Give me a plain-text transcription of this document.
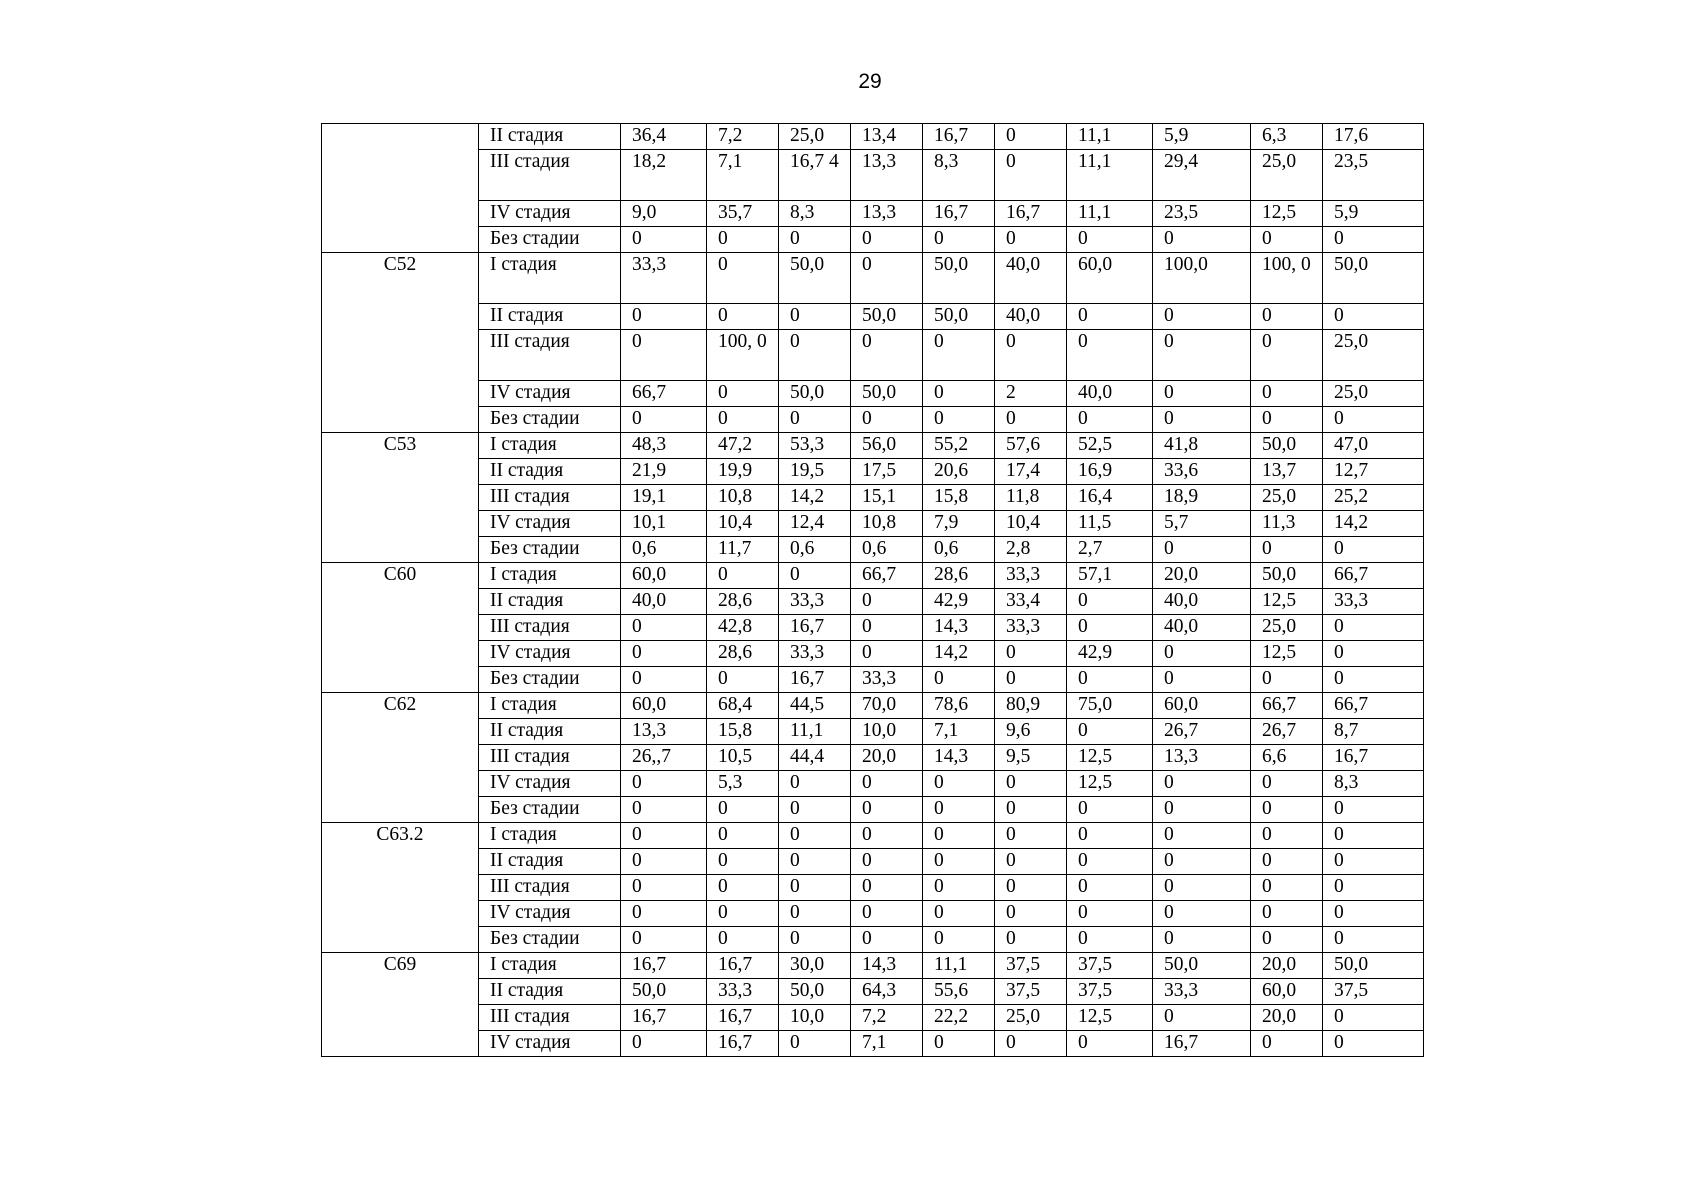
29
	II стадия	36,4	7,2	25,0	13,4	16,7	0	11,1	5,9	6,3	17,6
	III стадия	18,2	7,1	16,7 4	13,3	8,3	0	11,1	29,4	25,0	23,5
	IV стадия	9,0	35,7	8,3	13,3	16,7	16,7	11,1	23,5	12,5	5,9
	Без стадии	0	0	0	0	0	0	0	0	0	0
С52	I стадия	33,3	0	50,0	0	50,0	40,0	60,0	100,0	100, 0	50,0
	II стадия	0	0	0	50,0	50,0	40,0	0	0	0	0
	III стадия	0	100, 0	0	0	0	0	0	0	0	25,0
	IV стадия	66,7	0	50,0	50,0	0	2	40,0	0	0	25,0
	Без стадии	0	0	0	0	0	0	0	0	0	0
С53	I стадия	48,3	47,2	53,3	56,0	55,2	57,6	52,5	41,8	50,0	47,0
	II стадия	21,9	19,9	19,5	17,5	20,6	17,4	16,9	33,6	13,7	12,7
	III стадия	19,1	10,8	14,2	15,1	15,8	11,8	16,4	18,9	25,0	25,2
	IV стадия	10,1	10,4	12,4	10,8	7,9	10,4	11,5	5,7	11,3	14,2
	Без стадии	0,6	11,7	0,6	0,6	0,6	2,8	2,7	0	0	0
С60	I стадия	60,0	0	0	66,7	28,6	33,3	57,1	20,0	50,0	66,7
	II стадия	40,0	28,6	33,3	0	42,9	33,4	0	40,0	12,5	33,3
	III стадия	0	42,8	16,7	0	14,3	33,3	0	40,0	25,0	0
	IV стадия	0	28,6	33,3	0	14,2	0	42,9	0	12,5	0
	Без стадии	0	0	16,7	33,3	0	0	0	0	0	0
С62	I стадия	60,0	68,4	44,5	70,0	78,6	80,9	75,0	60,0	66,7	66,7
	II стадия	13,3	15,8	11,1	10,0	7,1	9,6	0	26,7	26,7	8,7
	III стадия	26,,7	10,5	44,4	20,0	14,3	9,5	12,5	13,3	6,6	16,7
	IV стадия	0	5,3	0	0	0	0	12,5	0	0	8,3
	Без стадии	0	0	0	0	0	0	0	0	0	0
С63.2	I стадия	0	0	0	0	0	0	0	0	0	0
	II стадия	0	0	0	0	0	0	0	0	0	0
	III стадия	0	0	0	0	0	0	0	0	0	0
	IV стадия	0	0	0	0	0	0	0	0	0	0
	Без стадии	0	0	0	0	0	0	0	0	0	0
С69	I стадия	16,7	16,7	30,0	14,3	11,1	37,5	37,5	50,0	20,0	50,0
	II стадия	50,0	33,3	50,0	64,3	55,6	37,5	37,5	33,3	60,0	37,5
	III стадия	16,7	16,7	10,0	7,2	22,2	25,0	12,5	0	20,0	0
	IV стадия	0	16,7	0	7,1	0	0	0	16,7	0	0
